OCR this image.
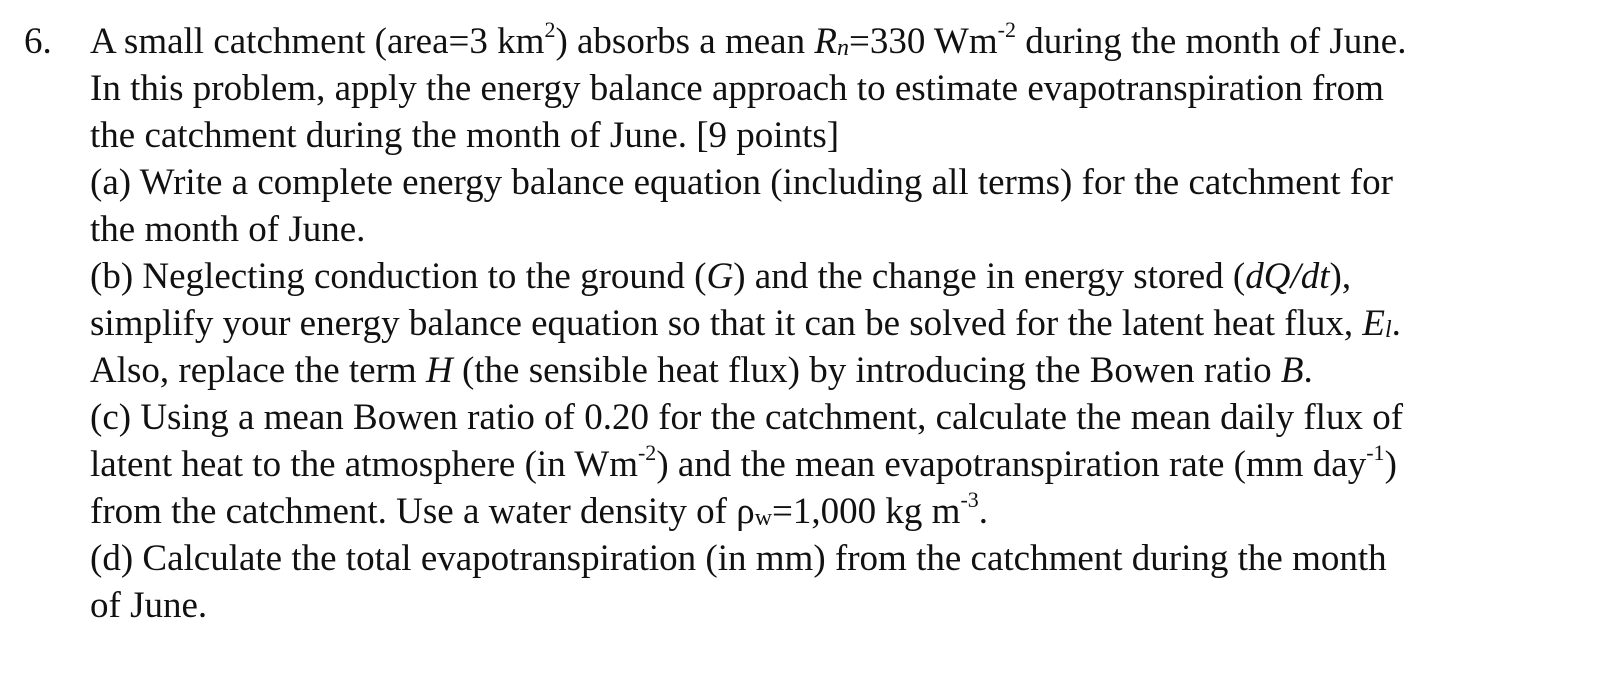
6.	A small catchment (area=3 $km^2$) absorbs a mean $R_n=330$ $Wm^{-2}$ during the month of June.
In this problem, apply the energy balance approach to estimate evapotranspiration from
the catchment during the month of June. [9 points]
(a) Write a complete energy balance equation (including all terms) for the catchment for
the month of June.
(b) Neglecting conduction to the ground (G) and the change in energy stored (dQ/dt),
simplify your energy balance equation so that it can be solved for the latent heat flux, $E_l$.
Also, replace the term H (the sensible heat flux) by introducing the Bowen ratio B.
(c) Using a mean Bowen ratio of 0.20 for the catchment, calculate the mean daily flux of
latent heat to the atmosphere (in $Wm^{-2}$) and the mean evapotranspiration rate (mm day$^{-1}$)
from the catchment. Use a water density of $\rho_w=1,000$ kg $m^{-3}$.
(d) Calculate the total evapotranspiration (in mm) from the catchment during the month
of June.
